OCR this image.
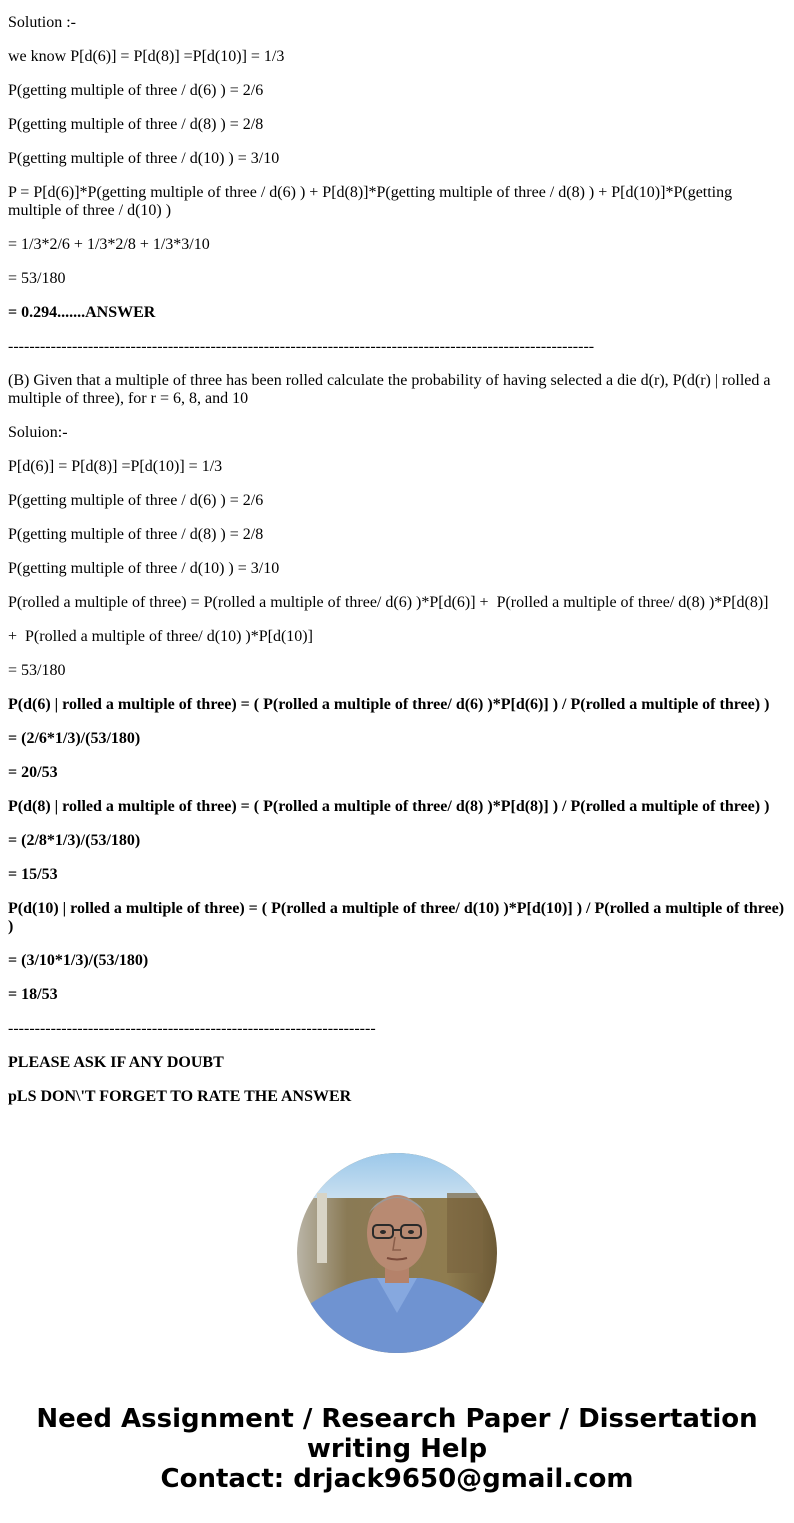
Solution :-

we know P[d(6)] = P[d(8)] =P[d(10)] = 1/3

P(getting multiple of three / d(6) ) = 2/6

P(getting multiple of three / d(8) ) = 2/8

P(getting multiple of three / d(10) ) = 3/10

P = P[d(6)]*P(getting multiple of three / d(6) ) + P[d(8)]*P(getting multiple of three / d(8) ) + P[d(10)]*P(getting multiple of three / d(10) )

= 1/3*2/6 + 1/3*2/8 + 1/3*3/10

= 53/180

= 0.294.......ANSWER

--------------------------------------------------------------------------------------------------------------

(B) Given that a multiple of three has been rolled calculate the probability of having selected a die d(r), P(d(r) | rolled a multiple of three), for r = 6, 8, and 10

Soluion:-

P[d(6)] = P[d(8)] =P[d(10)] = 1/3

P(getting multiple of three / d(6) ) = 2/6

P(getting multiple of three / d(8) ) = 2/8

P(getting multiple of three / d(10) ) = 3/10

P(rolled a multiple of three) = P(rolled a multiple of three/ d(6) )*P[d(6)] +  P(rolled a multiple of three/ d(8) )*P[d(8)]

+  P(rolled a multiple of three/ d(10) )*P[d(10)]

= 53/180

P(d(6) | rolled a multiple of three) = ( P(rolled a multiple of three/ d(6) )*P[d(6)] ) / P(rolled a multiple of three) )

= (2/6*1/3)/(53/180)

= 20/53

P(d(8) | rolled a multiple of three) = ( P(rolled a multiple of three/ d(8) )*P[d(8)] ) / P(rolled a multiple of three) )

= (2/8*1/3)/(53/180)

= 15/53

P(d(10) | rolled a multiple of three) = ( P(rolled a multiple of three/ d(10) )*P[d(10)] ) / P(rolled a multiple of three) )

= (3/10*1/3)/(53/180)

= 18/53

---------------------------------------------------------------------

PLEASE ASK IF ANY DOUBT

pLS DON\'T FORGET TO RATE THE ANSWER

Need Assignment / Research Paper / Dissertation
writing Help
Contact: drjack9650@gmail.com
